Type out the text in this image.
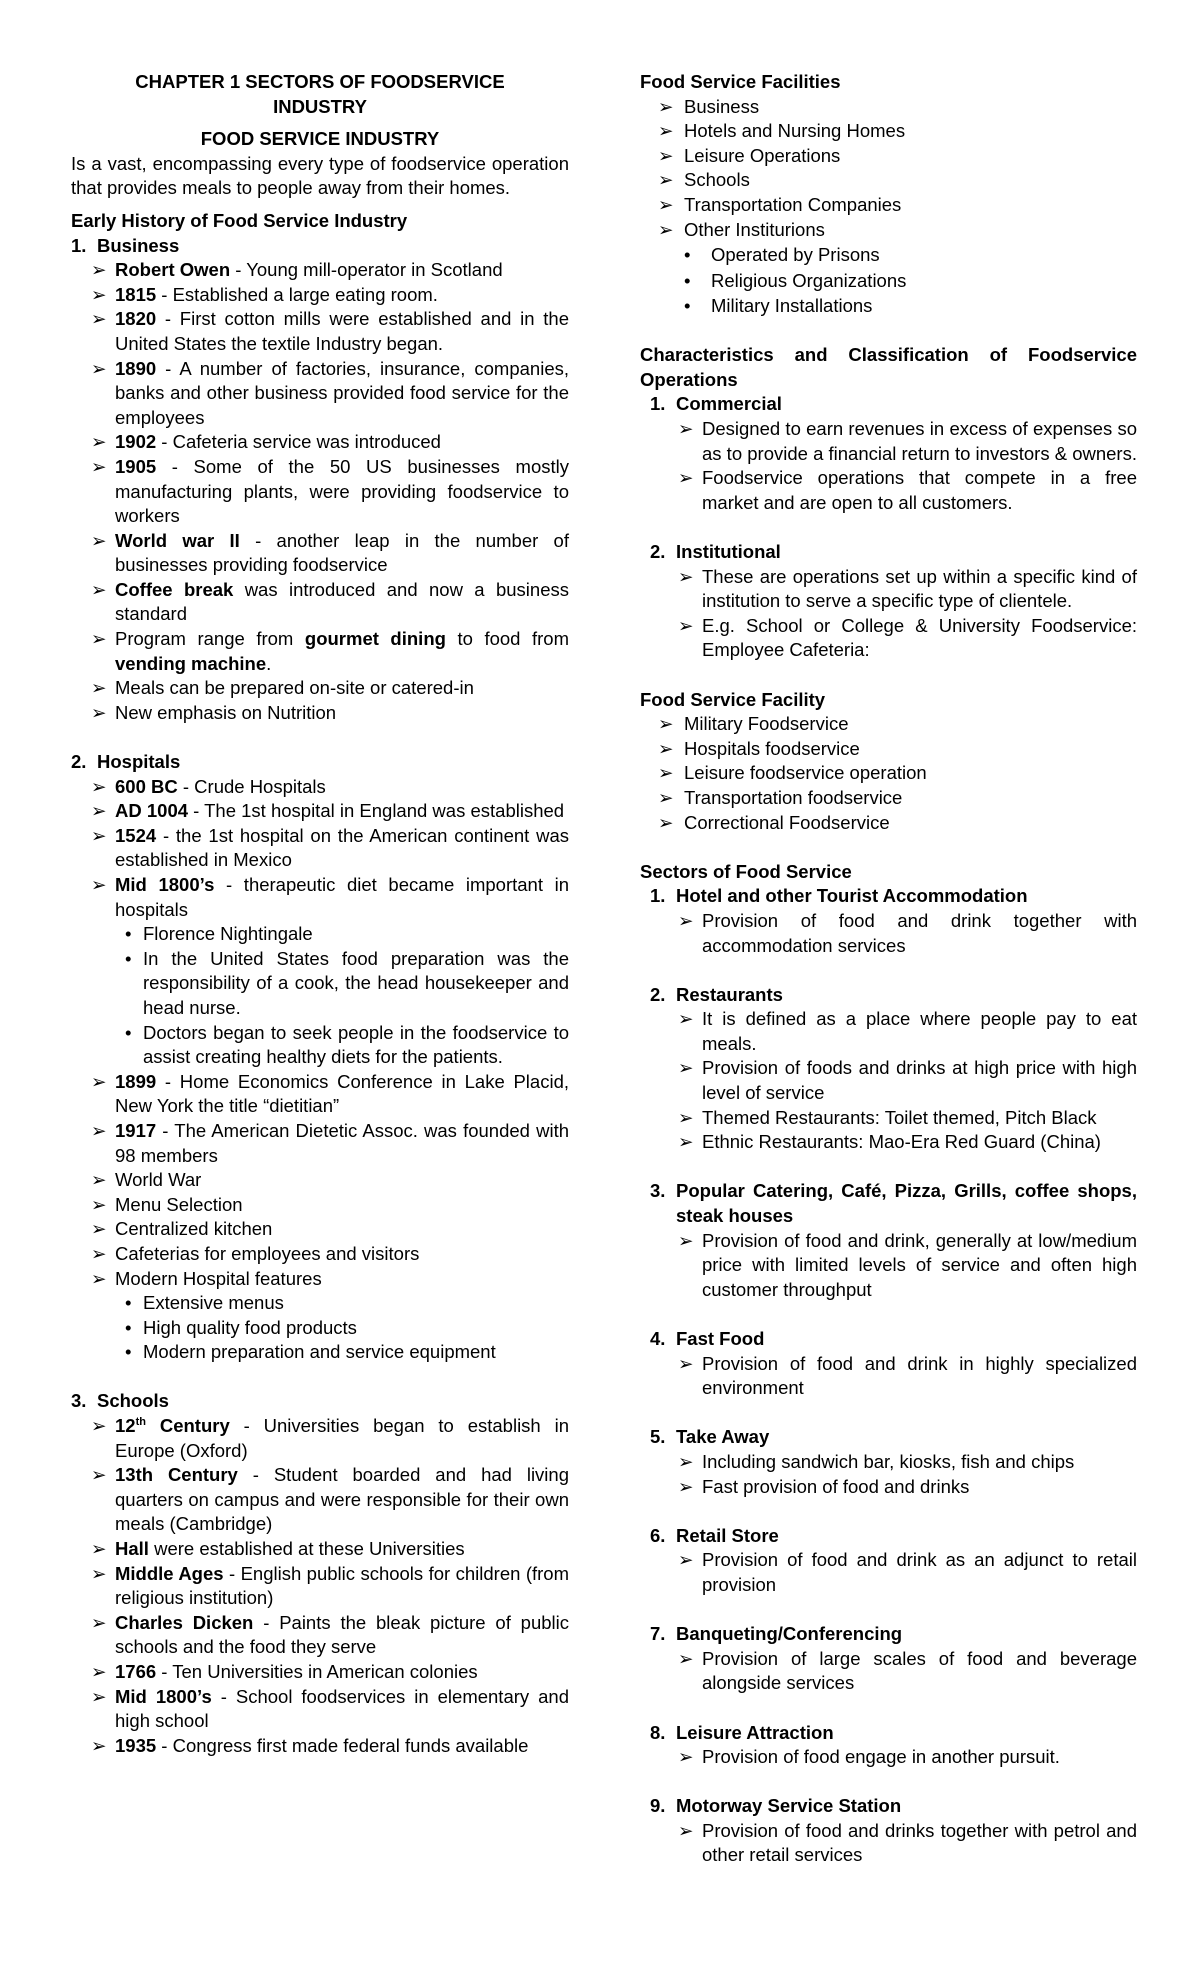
CHAPTER 1 SECTORS OF FOODSERVICE
INDUSTRY
FOOD SERVICE INDUSTRY
Is a vast, encompassing every type of foodservice operation that provides meals to people away from their homes.
Early History of Food Service Industry
1. Business
➢ Robert Owen - Young mill-operator in Scotland
➢ 1815 - Established a large eating room.
➢ 1820 - First cotton mills were established and in the United States the textile Industry began.
➢ 1890 - A number of factories, insurance, companies, banks and other business provided food service for the employees
➢ 1902 - Cafeteria service was introduced
➢ 1905 - Some of the 50 US businesses mostly manufacturing plants, were providing foodservice to workers
➢ World war II - another leap in the number of businesses providing foodservice
➢ Coffee break was introduced and now a business standard
➢ Program range from gourmet dining to food from vending machine.
➢ Meals can be prepared on-site or catered-in
➢ New emphasis on Nutrition
2. Hospitals
➢ 600 BC - Crude Hospitals
➢ AD 1004 - The 1st hospital in England was established
➢ 1524 - the 1st hospital on the American continent was established in Mexico
➢ Mid 1800’s - therapeutic diet became important in hospitals
• Florence Nightingale
• In the United States food preparation was the responsibility of a cook, the head housekeeper and head nurse.
• Doctors began to seek people in the foodservice to assist creating healthy diets for the patients.
➢ 1899 - Home Economics Conference in Lake Placid, New York the title “dietitian”
➢ 1917 - The American Dietetic Assoc. was founded with 98 members
➢ World War
➢ Menu Selection
➢ Centralized kitchen
➢ Cafeterias for employees and visitors
➢ Modern Hospital features
• Extensive menus
• High quality food products
• Modern preparation and service equipment
3. Schools
➢ 12th Century - Universities began to establish in Europe (Oxford)
➢ 13th Century - Student boarded and had living quarters on campus and were responsible for their own meals (Cambridge)
➢ Hall were established at these Universities
➢ Middle Ages - English public schools for children (from religious institution)
➢ Charles Dicken - Paints the bleak picture of public schools and the food they serve
➢ 1766 - Ten Universities in American colonies
➢ Mid 1800’s - School foodservices in elementary and high school
➢ 1935 - Congress first made federal funds available
Food Service Facilities
➢ Business
➢ Hotels and Nursing Homes
➢ Leisure Operations
➢ Schools
➢ Transportation Companies
➢ Other Institurions
• Operated by Prisons
• Religious Organizations
• Military Installations
Characteristics and Classification of Foodservice Operations
1. Commercial
➢ Designed to earn revenues in excess of expenses so as to provide a financial return to investors & owners.
➢ Foodservice operations that compete in a free market and are open to all customers.
2. Institutional
➢ These are operations set up within a specific kind of institution to serve a specific type of clientele.
➢ E.g. School or College & University Foodservice: Employee Cafeteria:
Food Service Facility
➢ Military Foodservice
➢ Hospitals foodservice
➢ Leisure foodservice operation
➢ Transportation foodservice
➢ Correctional Foodservice
Sectors of Food Service
1. Hotel and other Tourist Accommodation
➢ Provision of food and drink together with accommodation services
2. Restaurants
➢ It is defined as a place where people pay to eat meals.
➢ Provision of foods and drinks at high price with high level of service
➢ Themed Restaurants: Toilet themed, Pitch Black
➢ Ethnic Restaurants: Mao-Era Red Guard (China)
3. Popular Catering, Café, Pizza, Grills, coffee shops, steak houses
➢ Provision of food and drink, generally at low/medium price with limited levels of service and often high customer throughput
4. Fast Food
➢ Provision of food and drink in highly specialized environment
5. Take Away
➢ Including sandwich bar, kiosks, fish and chips
➢ Fast provision of food and drinks
6. Retail Store
➢ Provision of food and drink as an adjunct to retail provision
7. Banqueting/Conferencing
➢ Provision of large scales of food and beverage alongside services
8. Leisure Attraction
➢ Provision of food engage in another pursuit.
9. Motorway Service Station
➢ Provision of food and drinks together with petrol and other retail services
